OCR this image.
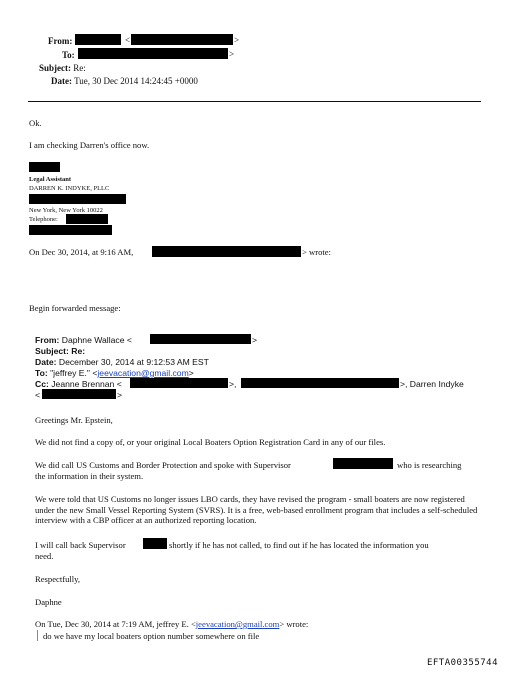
From:	<	>
To:	>
Subject: Re:
Date: Tue, 30 Dec 2014 14:24:45 +0000
Ok.
I am checking Darren's office now.
Legal Assistant
DARREN K. INDYKE, PLLC
New York, New York 10022
Telephone:
On Dec 30, 2014, at 9:16 AM,	> wrote:
Begin forwarded message:
From: Daphne Wallace <	>
Subject: Re:
Date: December 30, 2014 at 9:12:53 AM EST
To: "jeffrey E." <jeevacation@gmail.com>
Cc: Jeanne Brennan <	>,	>, Darren Indyke
<	>
Greetings Mr. Epstein,
We did not find a copy of, or your original Local Boaters Option Registration Card in any of our files.
We did call US Customs and Border Protection and spoke with Supervisor	who is researching
the information in their system.
We were told that US Customs no longer issues LBO cards, they have revised the program - small boaters are now registered under the new Small Vessel Reporting System (SVRS). It is a free, web-based enrollment program that includes a self-scheduled interview with a CBP officer at an authorized reporting location.
I will call back Supervisor	shortly if he has not called, to find out if he has located the information you
need.
Respectfully,
Daphne
On Tue, Dec 30, 2014 at 7:19 AM, jeffrey E. <jeevacation@gmail.com> wrote:
do we have my local boaters option number somewhere on file
EFTA00355744
